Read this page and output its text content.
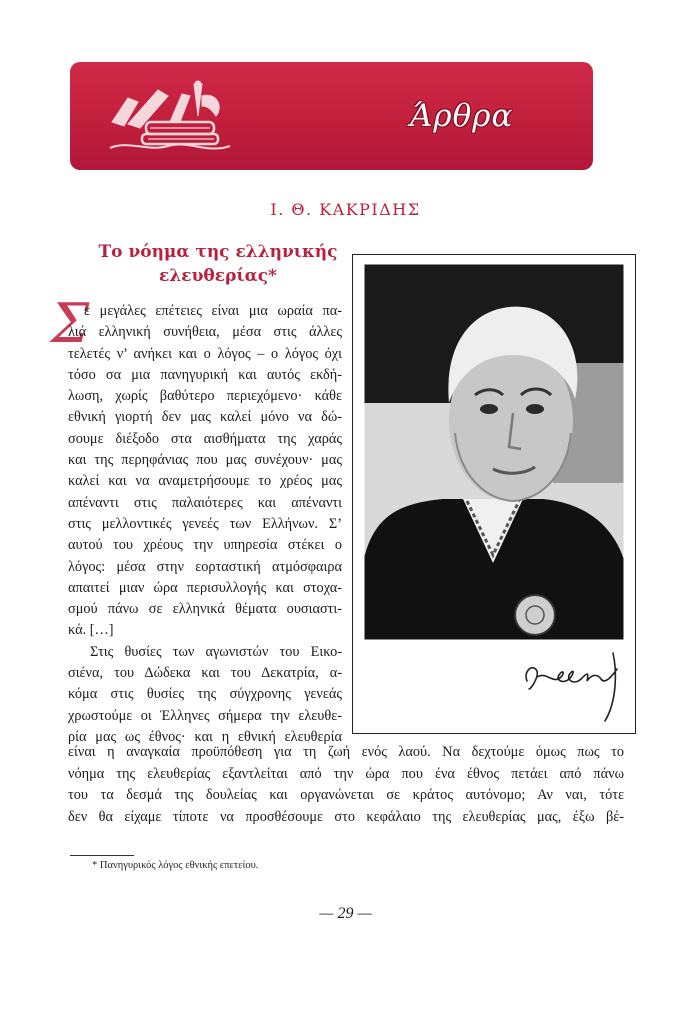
Άρθρα
Ι. Θ. ΚΑΚΡΙΔΗΣ
Το νόημα της ελληνικής
ελευθερίας*
Σ
ε μεγάλες επέτειες είναι μια ωραία πα-
λιά ελληνική συνήθεια, μέσα στις άλλες
τελετές ν’ ανήκει και ο λόγος – ο λόγος όχι
τόσο σα μια πανηγυρική και αυτός εκδή-
λωση, χωρίς βαθύτερο περιεχόμενο· κάθε
εθνική γιορτή δεν μας καλεί μόνο να δώ-
σουμε διέξοδο στα αισθήματα της χαράς
και της περηφάνιας που μας συνέχουν· μας
καλεί και να αναμετρήσουμε το χρέος μας
απέναντι στις παλαιότερες και απέναντι
στις μελλοντικές γενεές των Ελλήνων. Σ’
αυτού του χρέους την υπηρεσία στέκει ο
λόγος: μέσα στην εορταστική ατμόσφαιρα
απαιτεί μιαν ώρα περισυλλογής και στοχα-
σμού πάνω σε ελληνικά θέματα ουσιαστι-
κά. […]
Στις θυσίες των αγωνιστών του Εικο-
σιένα, του Δώδεκα και του Δεκατρία, α-
κόμα στις θυσίες της σύγχρονης γενεάς
χρωστούμε οι Έλληνες σήμερα την ελευθε-
ρία μας ως έθνος· και η εθνική ελευθερία
είναι η αναγκαία προϋπόθεση για τη ζωή ενός λαού. Να δεχτούμε όμως πως το
νόημα της ελευθερίας εξαντλείται από την ώρα που ένα έθνος πετάει από πάνω
του τα δεσμά της δουλείας και οργανώνεται σε κράτος αυτόνομο; Αν ναι, τότε
δεν θα είχαμε τίποτε να προσθέσουμε στο κεφάλαιο της ελευθερίας μας, έξω βέ-
* Πανηγυρικός λόγος εθνικής επετείου.
— 29 —
